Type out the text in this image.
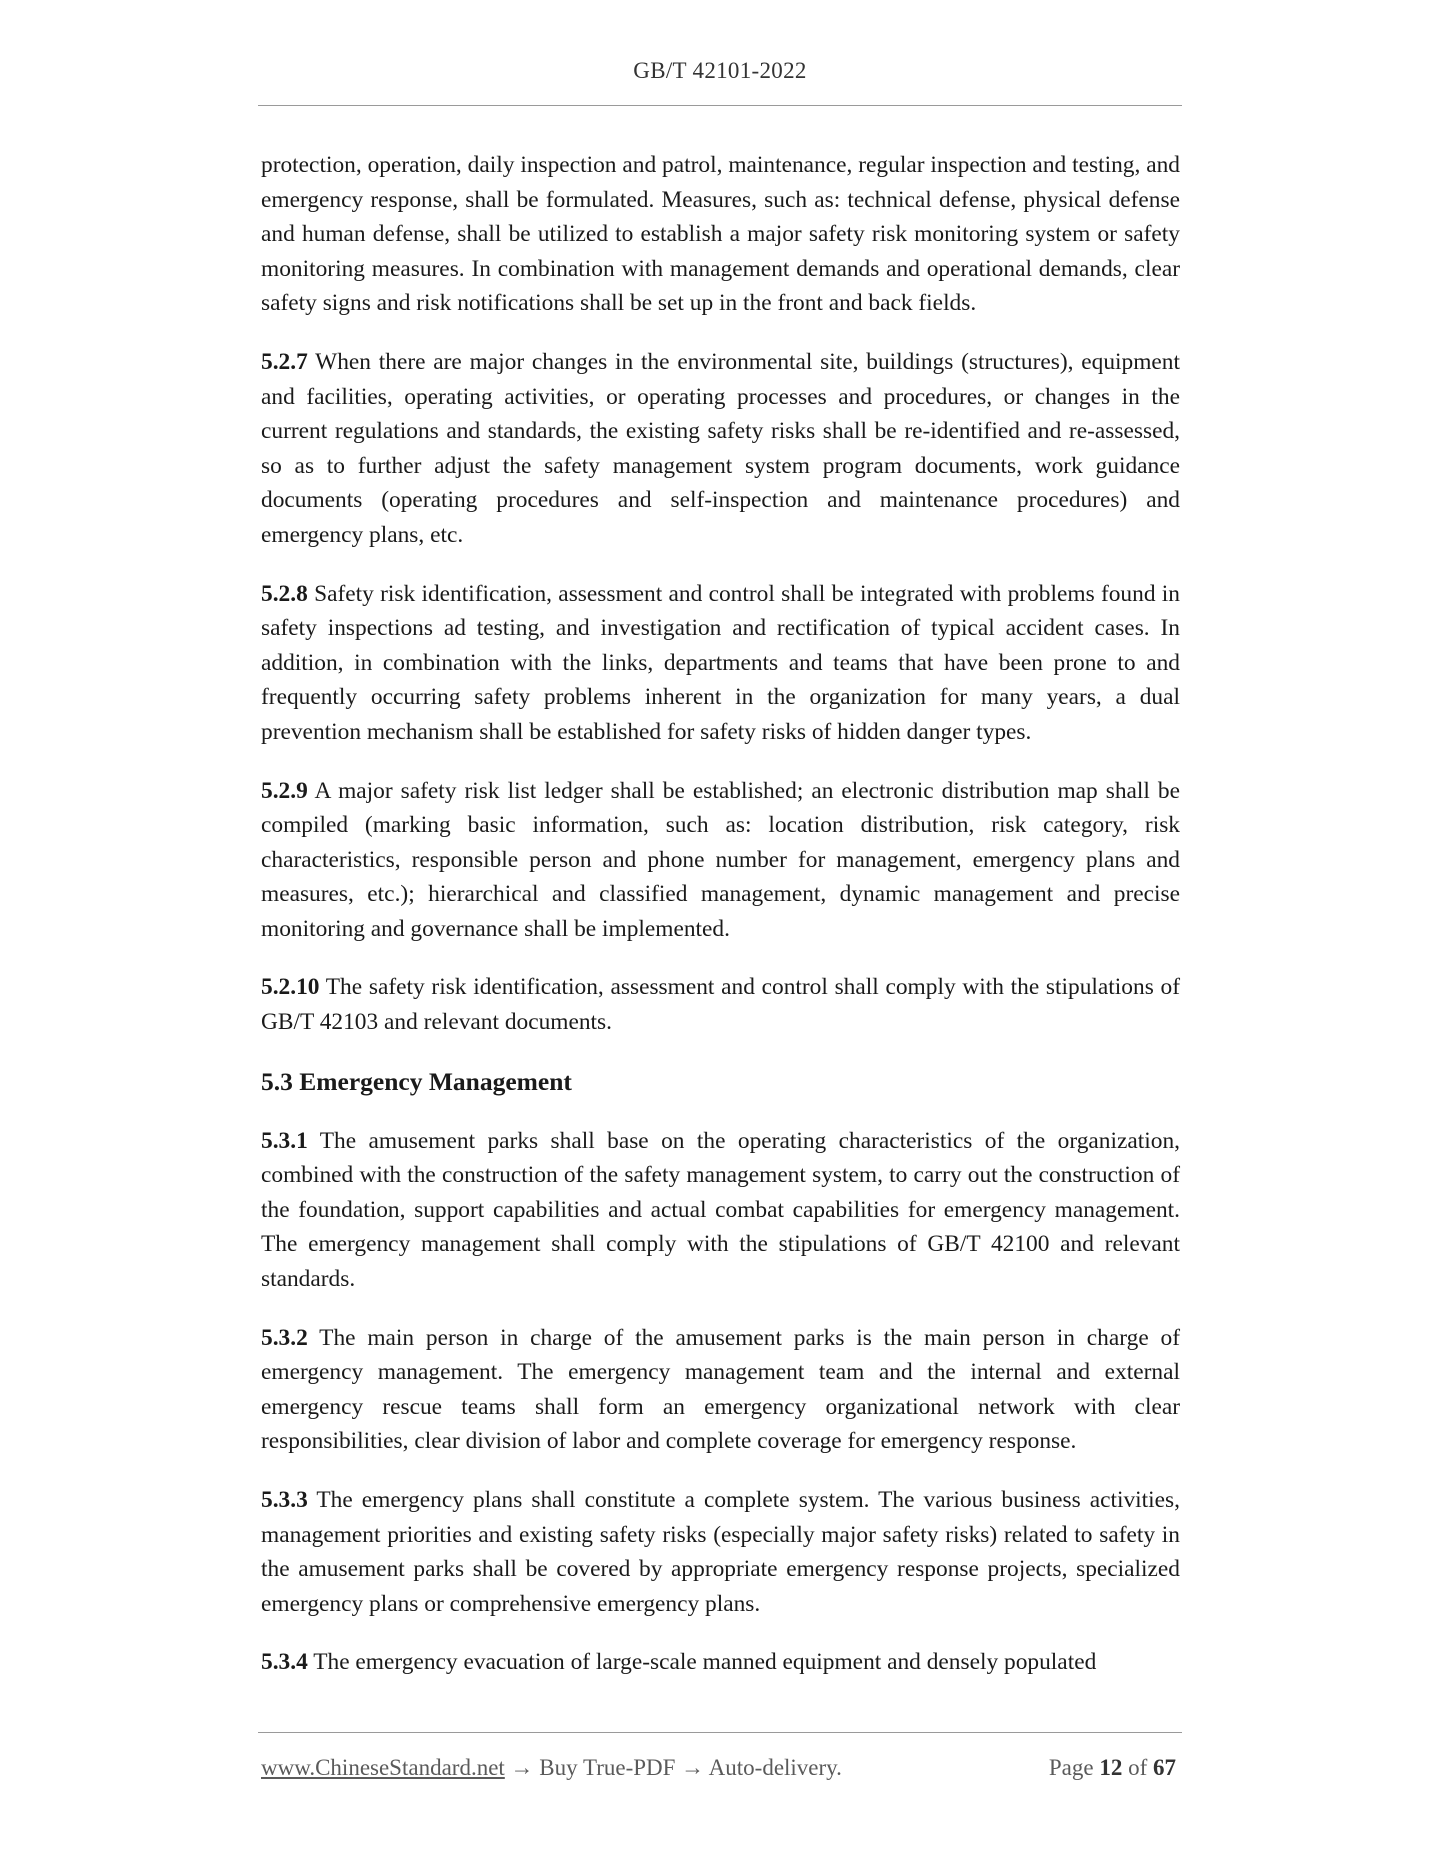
GB/T 42101-2022

protection, operation, daily inspection and patrol, maintenance, regular inspection and testing, and emergency response, shall be formulated. Measures, such as: technical defense, physical defense and human defense, shall be utilized to establish a major safety risk monitoring system or safety monitoring measures. In combination with management demands and operational demands, clear safety signs and risk notifications shall be set up in the front and back fields.

5.2.7 When there are major changes in the environmental site, buildings (structures), equipment and facilities, operating activities, or operating processes and procedures, or changes in the current regulations and standards, the existing safety risks shall be re-identified and re-assessed, so as to further adjust the safety management system program documents, work guidance documents (operating procedures and self-inspection and maintenance procedures) and emergency plans, etc.

5.2.8 Safety risk identification, assessment and control shall be integrated with problems found in safety inspections ad testing, and investigation and rectification of typical accident cases. In addition, in combination with the links, departments and teams that have been prone to and frequently occurring safety problems inherent in the organization for many years, a dual prevention mechanism shall be established for safety risks of hidden danger types.

5.2.9 A major safety risk list ledger shall be established; an electronic distribution map shall be compiled (marking basic information, such as: location distribution, risk category, risk characteristics, responsible person and phone number for management, emergency plans and measures, etc.); hierarchical and classified management, dynamic management and precise monitoring and governance shall be implemented.

5.2.10 The safety risk identification, assessment and control shall comply with the stipulations of GB/T 42103 and relevant documents.

5.3 Emergency Management

5.3.1 The amusement parks shall base on the operating characteristics of the organization, combined with the construction of the safety management system, to carry out the construction of the foundation, support capabilities and actual combat capabilities for emergency management. The emergency management shall comply with the stipulations of GB/T 42100 and relevant standards.

5.3.2 The main person in charge of the amusement parks is the main person in charge of emergency management. The emergency management team and the internal and external emergency rescue teams shall form an emergency organizational network with clear responsibilities, clear division of labor and complete coverage for emergency response.

5.3.3 The emergency plans shall constitute a complete system. The various business activities, management priorities and existing safety risks (especially major safety risks) related to safety in the amusement parks shall be covered by appropriate emergency response projects, specialized emergency plans or comprehensive emergency plans.

5.3.4 The emergency evacuation of large-scale manned equipment and densely populated

www.ChineseStandard.net → Buy True-PDF → Auto-delivery.	Page 12 of 67
